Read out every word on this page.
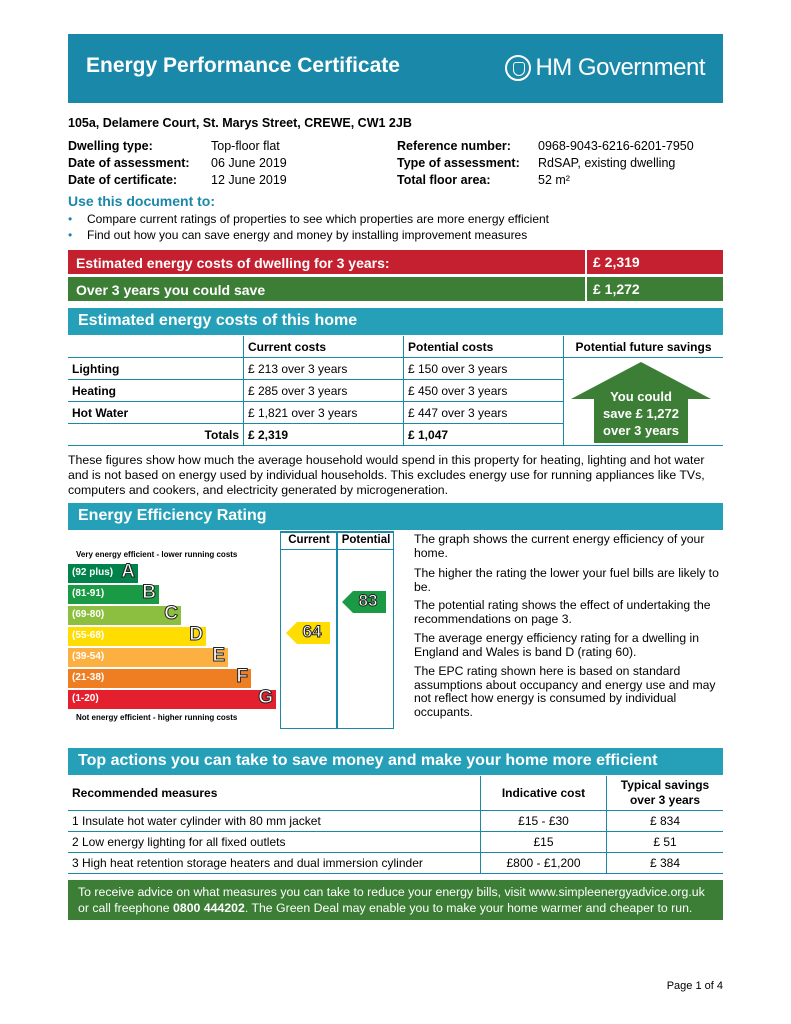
Energy Performance Certificate	HM Government
105a, Delamere Court, St. Marys Street, CREWE, CW1 2JB
Dwelling type:	Top-floor flat
Date of assessment: 06 June 2019
Date of certificate:	12 June 2019
Reference number: 0968-9043-6216-6201-7950
Type of assessment: RdSAP, existing dwelling
Total floor area:	52 m²
Use this document to:
• Compare current ratings of properties to see which properties are more energy efficient
• Find out how you can save energy and money by installing improvement measures
Estimated energy costs of dwelling for 3 years:	£ 2,319
Over 3 years you could save	£ 1,272
Estimated energy costs of this home
	Current costs	Potential costs	Potential future savings
Lighting	£ 213 over 3 years	£ 150 over 3 years	You could
save £ 1,272
over 3 years

Heating	£ 285 over 3 years	£ 450 over 3 years	
Hot Water	£ 1,821 over 3 years	£ 447 over 3 years	
Totals	£ 2,319	£ 1,047	
These figures show how much the average household would spend in this property for heating, lighting and hot water and is not based on energy used by individual households. This excludes energy use for running appliances like TVs, computers and cookers, and electricity generated by microgeneration.
Energy Efficiency Rating
Current	Potential
Very energy efficient - lower running costs
Not energy efficient - higher running costs
(92 plus) A
(81-91) B
(69-80)	C
(55-68)	D
(39-54)	E
(21-38)	F
(1-20)	G
64
83
The graph shows the current energy efficiency of your home.
The higher the rating the lower your fuel bills are likely to be.
The potential rating shows the effect of undertaking the recommendations on page 3.
The average energy efficiency rating for a dwelling in England and Wales is band D (rating 60).
The EPC rating shown here is based on standard assumptions about occupancy and energy use and may not reflect how energy is consumed by individual occupants.
Top actions you can take to save money and make your home more efficient
Recommended measures	Indicative cost	Typical savings
over 3 years

1 Insulate hot water cylinder with 80 mm jacket	£15 - £30	£ 834
2 Low energy lighting for all fixed outlets	£15	£ 51
3 High heat retention storage heaters and dual immersion cylinder	£800 - £1,200	£ 384
To receive advice on what measures you can take to reduce your energy bills, visit www.simpleenergyadvice.org.uk or call freephone 0800 444202. The Green Deal may enable you to make your home warmer and cheaper to run.
Page 1 of 4
